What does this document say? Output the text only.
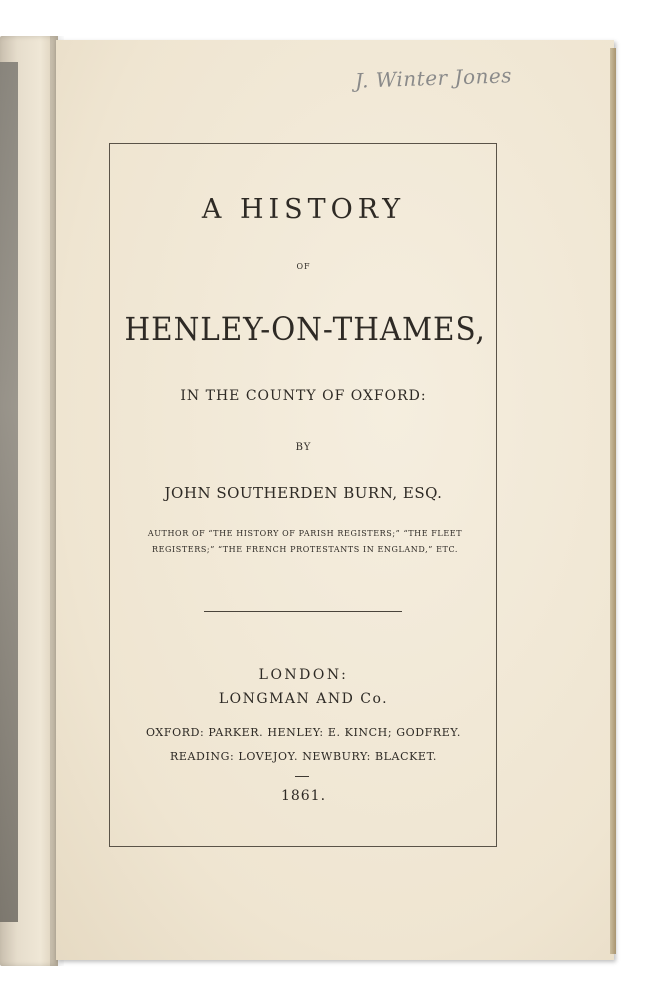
J. Winter Jones
A HISTORY
OF
HENLEY-ON-THAMES,
IN THE COUNTY OF OXFORD:
BY
JOHN SOUTHERDEN BURN, ESQ.
AUTHOR OF “THE HISTORY OF PARISH REGISTERS;” “THE FLEET
REGISTERS;” “THE FRENCH PROTESTANTS IN ENGLAND,” ETC.
LONDON:
LONGMAN AND Co.
OXFORD: PARKER. HENLEY: E. KINCH; GODFREY.
READING: LOVEJOY. NEWBURY: BLACKET.
1861.
